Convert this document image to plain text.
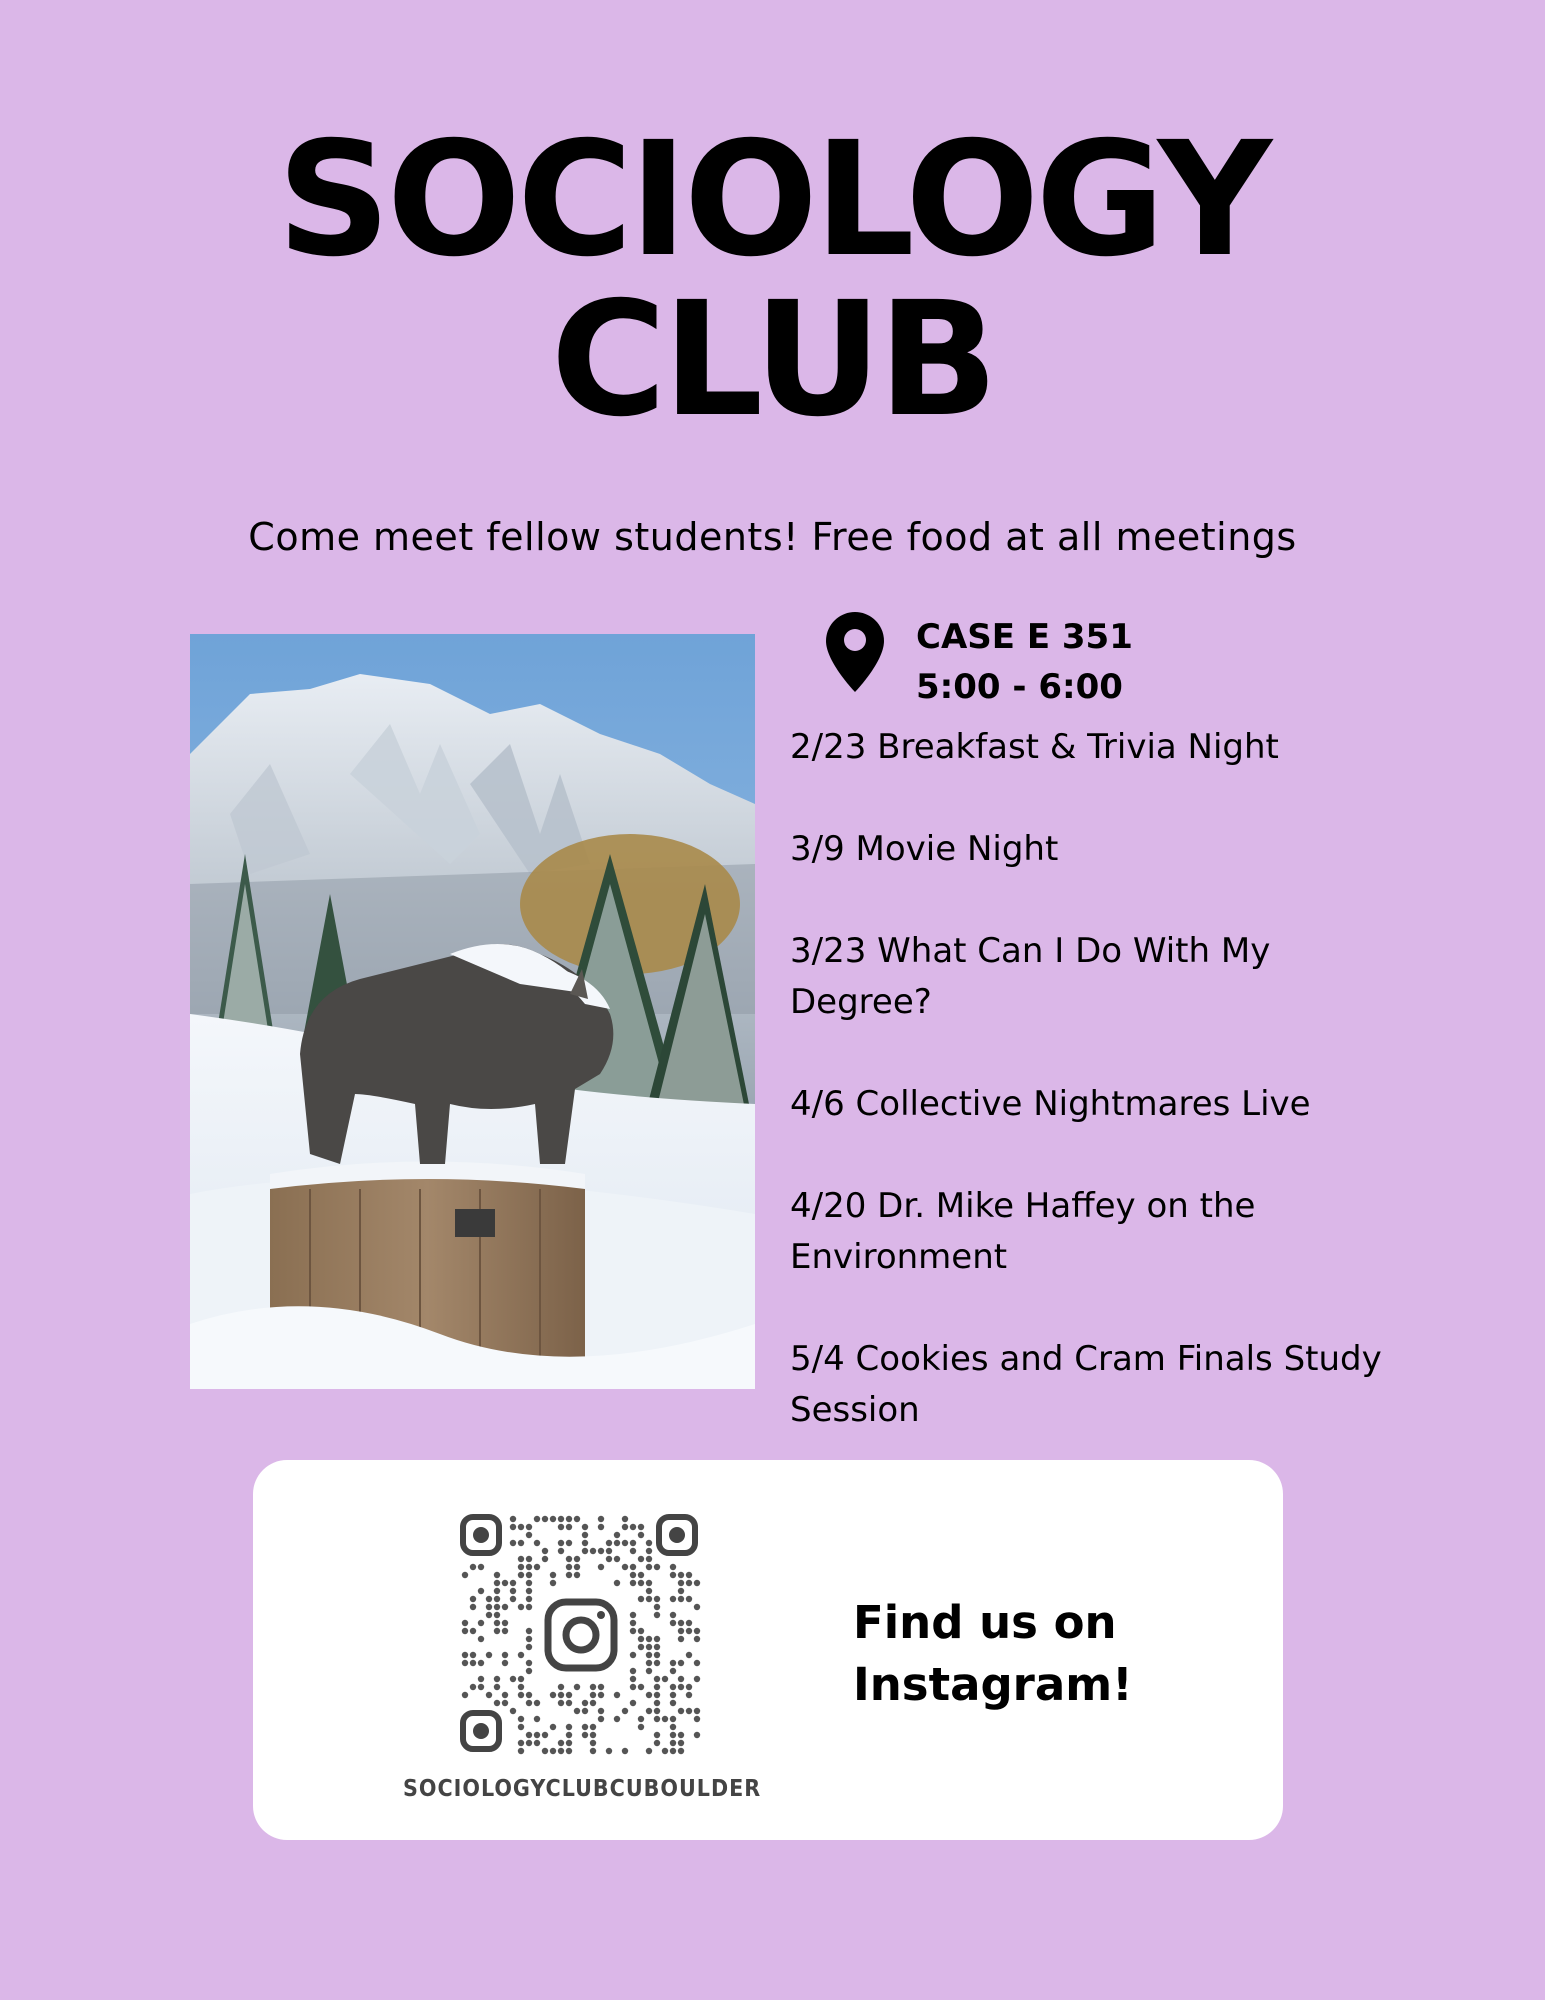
SOCIOLOGY
CLUB
Come meet fellow students! Free food at all meetings
CASE E 351
5:00 - 6:00
2/23 Breakfast & Trivia Night
3/9 Movie Night
3/23 What Can I Do With My Degree?
4/6 Collective Nightmares Live
4/20 Dr. Mike Haffey on the Environment
5/4 Cookies and Cram Finals Study Session
SOCIOLOGYCLUBCUBOULDER
Find us on
Instagram!
